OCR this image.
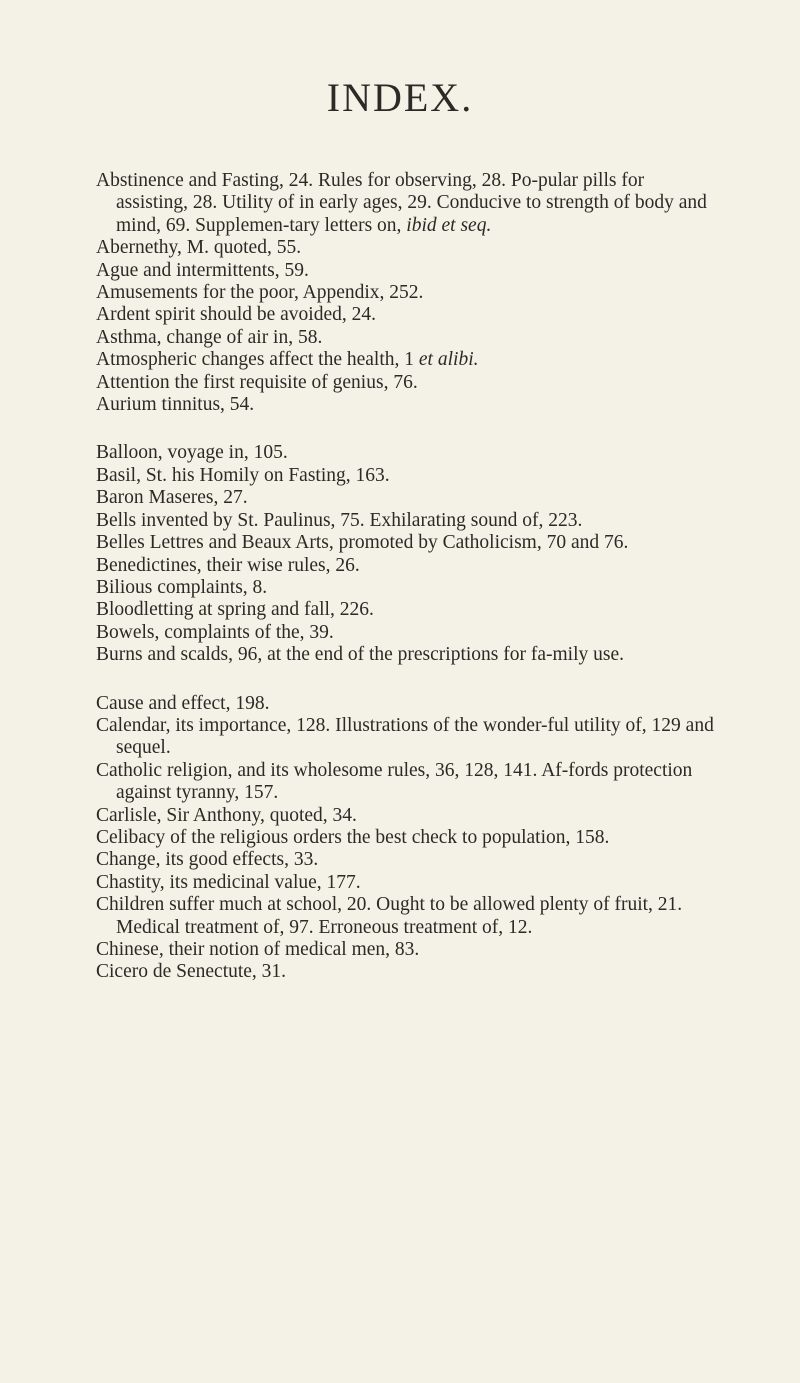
INDEX.

Abstinence and Fasting, 24. Rules for observing, 28. Po-pular pills for assisting, 28. Utility of in early ages, 29. Conducive to strength of body and mind, 69. Supplemen-tary letters on, ibid et seq.

Abernethy, M. quoted, 55.

Ague and intermittents, 59.

Amusements for the poor, Appendix, 252.

Ardent spirit should be avoided, 24.

Asthma, change of air in, 58.

Atmospheric changes affect the health, 1 et alibi.

Attention the first requisite of genius, 76.

Aurium tinnitus, 54.

Balloon, voyage in, 105.

Basil, St. his Homily on Fasting, 163.

Baron Maseres, 27.

Bells invented by St. Paulinus, 75. Exhilarating sound of, 223.

Belles Lettres and Beaux Arts, promoted by Catholicism, 70 and 76.

Benedictines, their wise rules, 26.

Bilious complaints, 8.

Bloodletting at spring and fall, 226.

Bowels, complaints of the, 39.

Burns and scalds, 96, at the end of the prescriptions for fa-mily use.

Cause and effect, 198.

Calendar, its importance, 128. Illustrations of the wonder-ful utility of, 129 and sequel.

Catholic religion, and its wholesome rules, 36, 128, 141. Af-fords protection against tyranny, 157.

Carlisle, Sir Anthony, quoted, 34.

Celibacy of the religious orders the best check to population, 158.

Change, its good effects, 33.

Chastity, its medicinal value, 177.

Children suffer much at school, 20. Ought to be allowed plenty of fruit, 21. Medical treatment of, 97. Erroneous treatment of, 12.

Chinese, their notion of medical men, 83.

Cicero de Senectute, 31.
